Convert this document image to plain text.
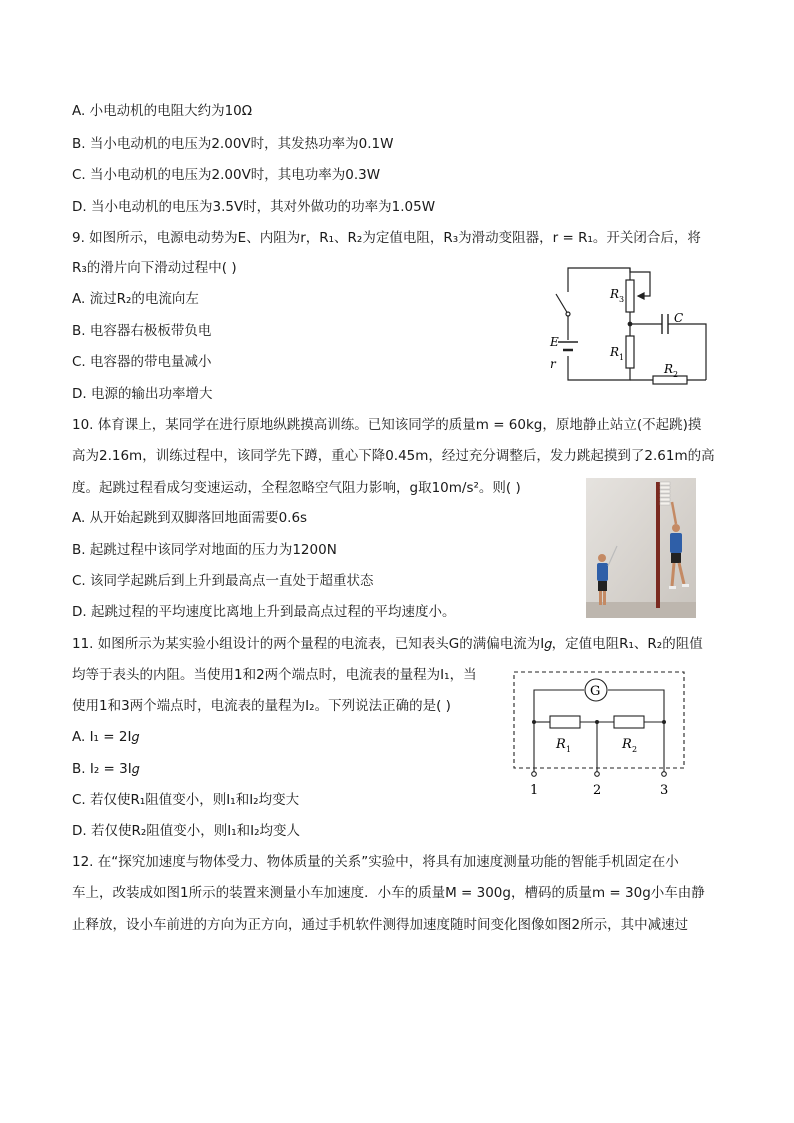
A. 小电动机的电阻大约为10Ω
B. 当小电动机的电压为2.00V时，其发热功率为0.1W
C. 当小电动机的电压为2.00V时，其电功率为0.3W
D. 当小电动机的电压为3.5V时，其对外做功的功率为1.05W
9. 如图所示，电源电动势为E、内阻为r，R₁、R₂为定值电阻，R₃为滑动变阻器，r = R₁。开关闭合后，将
R₃的滑片向下滑动过程中( )
A. 流过R₂的电流向左
B. 电容器右极板带负电
C. 电容器的带电量减小
D. 电源的输出功率增大
R 3
C
E
r
R 1
R 2
10. 体育课上，某同学在进行原地纵跳摸高训练。已知该同学的质量m = 60kg，原地静止站立(不起跳)摸
高为2.16m，训练过程中，该同学先下蹲，重心下降0.45m，经过充分调整后，发力跳起摸到了2.61m的高
度。起跳过程看成匀变速运动，全程忽略空气阻力影响，g取10m/s²。则( )
A. 从开始起跳到双脚落回地面需要0.6s
B. 起跳过程中该同学对地面的压力为1200N
C. 该同学起跳后到上升到最高点一直处于超重状态
D. 起跳过程的平均速度比离地上升到最高点过程的平均速度小。
11. 如图所示为某实验小组设计的两个量程的电流表，已知表头G的满偏电流为I𝑔，定值电阻R₁、R₂的阻值
均等于表头的内阻。当使用1和2两个端点时，电流表的量程为I₁，当
使用1和3两个端点时，电流表的量程为I₂。下列说法正确的是( )
A. I₁ = 2I𝑔
B. I₂ = 3I𝑔
C. 若仅使R₁阻值变小，则I₁和I₂均变大
D. 若仅使R₂阻值变小，则I₁和I₂均变人
G
R 1	R 2
1	2	3
12. 在“探究加速度与物体受力、物体质量的关系”实验中，将具有加速度测量功能的智能手机固定在小
车上，改装成如图1所示的装置来测量小车加速度．小车的质量M = 300g，槽码的质量m = 30g小车由静
止释放，设小车前进的方向为正方向，通过手机软件测得加速度随时间变化图像如图2所示，其中减速过
